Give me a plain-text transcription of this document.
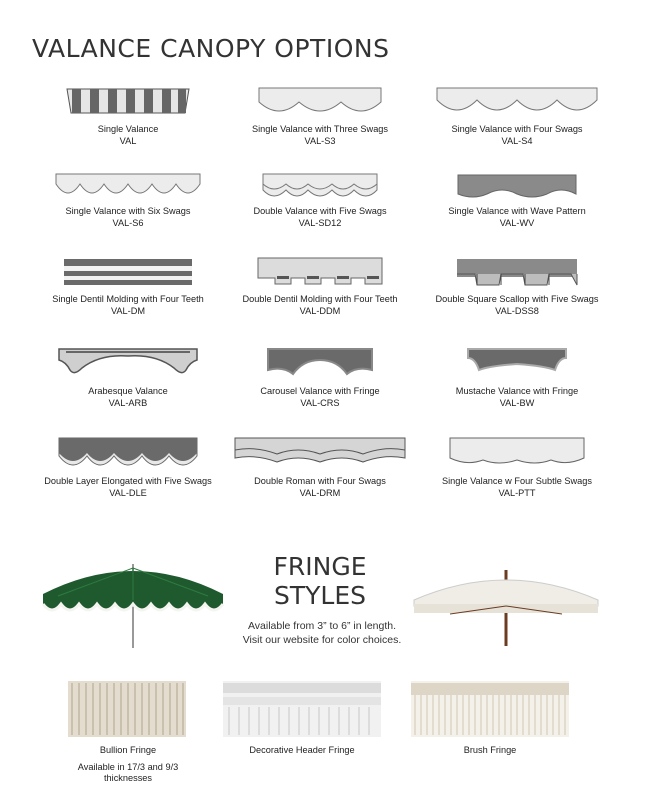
VALANCE CANOPY OPTIONS
Single Valance
VAL
Single Valance with Three Swags
VAL-S3
Single Valance with Four Swags
VAL-S4
Single Valance with Six Swags
VAL-S6
Double Valance with Five Swags
VAL-SD12
Single Valance with Wave Pattern
VAL-WV
Single Dentil Molding with Four Teeth
VAL-DM
Double Dentil Molding with Four Teeth
VAL-DDM
Double Square Scallop with Five Swags
VAL-DSS8
Arabesque Valance
VAL-ARB
Carousel Valance with Fringe
VAL-CRS
Mustache Valance with Fringe
VAL-BW
Double Layer Elongated with Five Swags
VAL-DLE
Double Roman with Four Swags
VAL-DRM
Single Valance w Four Subtle Swags
VAL-PTT
FRINGE
STYLES
Available from 3” to 6” in length.
Visit our website for color choices.
Bullion Fringe
Available in 17/3 and 9/3 thicknesses
Decorative Header Fringe	Brush Fringe
